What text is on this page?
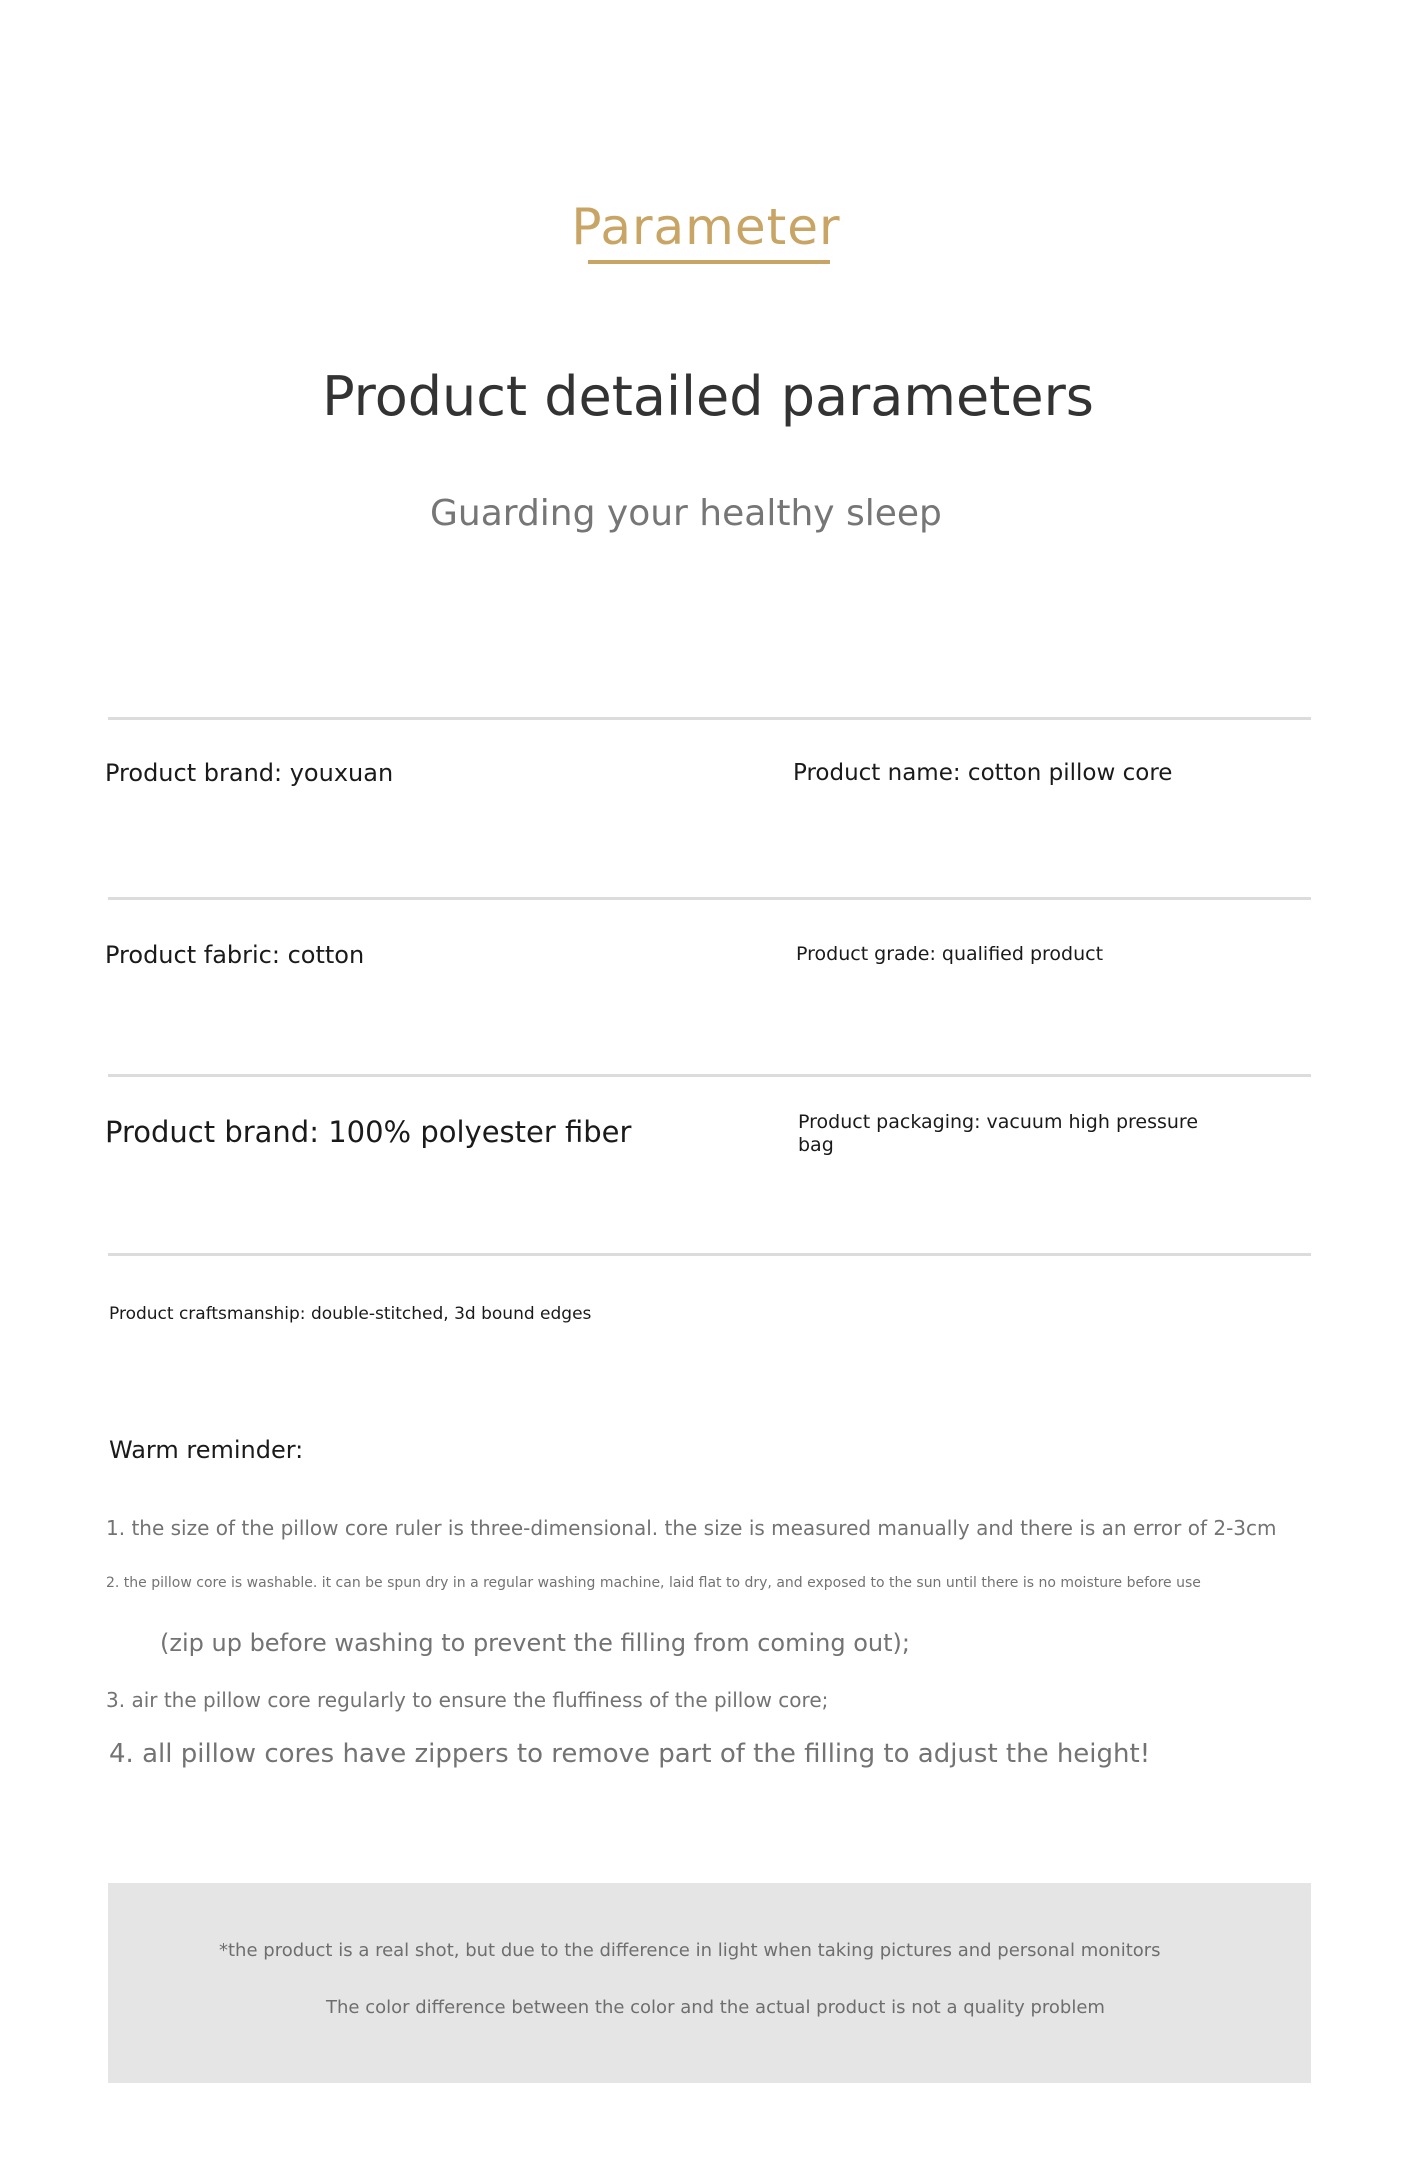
Parameter
Product detailed parameters
Guarding your healthy sleep
Product brand: youxuan	Product name: cotton pillow core
Product fabric: cotton	Product grade: qualified product
Product brand: 100% polyester fiber	Product packaging: vacuum high pressure
bag
Product craftsmanship: double-stitched, 3d bound edges
Warm reminder:
1. the size of the pillow core ruler is three-dimensional. the size is measured manually and there is an error of 2-3cm
2. the pillow core is washable. it can be spun dry in a regular washing machine, laid flat to dry, and exposed to the sun until there is no moisture before use
(zip up before washing to prevent the filling from coming out);
3. air the pillow core regularly to ensure the fluffiness of the pillow core;
4. all pillow cores have zippers to remove part of the filling to adjust the height!
*the product is a real shot, but due to the difference in light when taking pictures and personal monitors
The color difference between the color and the actual product is not a quality problem
